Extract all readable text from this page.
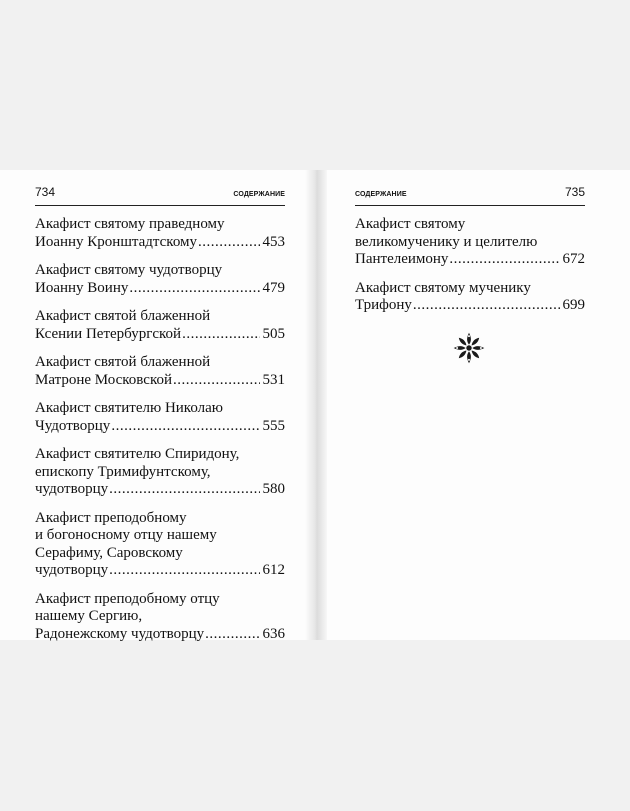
734	СОДЕРЖАНИЕ
Акафист святому праведному
Иоанну Кронштадтскому .....	453
Акафист святому чудотворцу
Иоанну Воину .....	479
Акафист святой блаженной
Ксении Петербургской .....	505
Акафист святой блаженной
Матроне Московской .....	531
Акафист святителю Николаю
Чудотворцу .....	555
Акафист святителю Спиридону,
епископу Тримифунтскому,
чудотворцу .....	580
Акафист преподобному
и богоносному отцу нашему
Серафиму, Саровскому
чудотворцу .....	612
Акафист преподобному отцу
нашему Сергию,
Радонежскому чудотворцу .....	636
СОДЕРЖАНИЕ	735
Акафист святому
великомученику и целителю
Пантелеимону .....	672
Акафист святому мученику
Трифону .....	699
